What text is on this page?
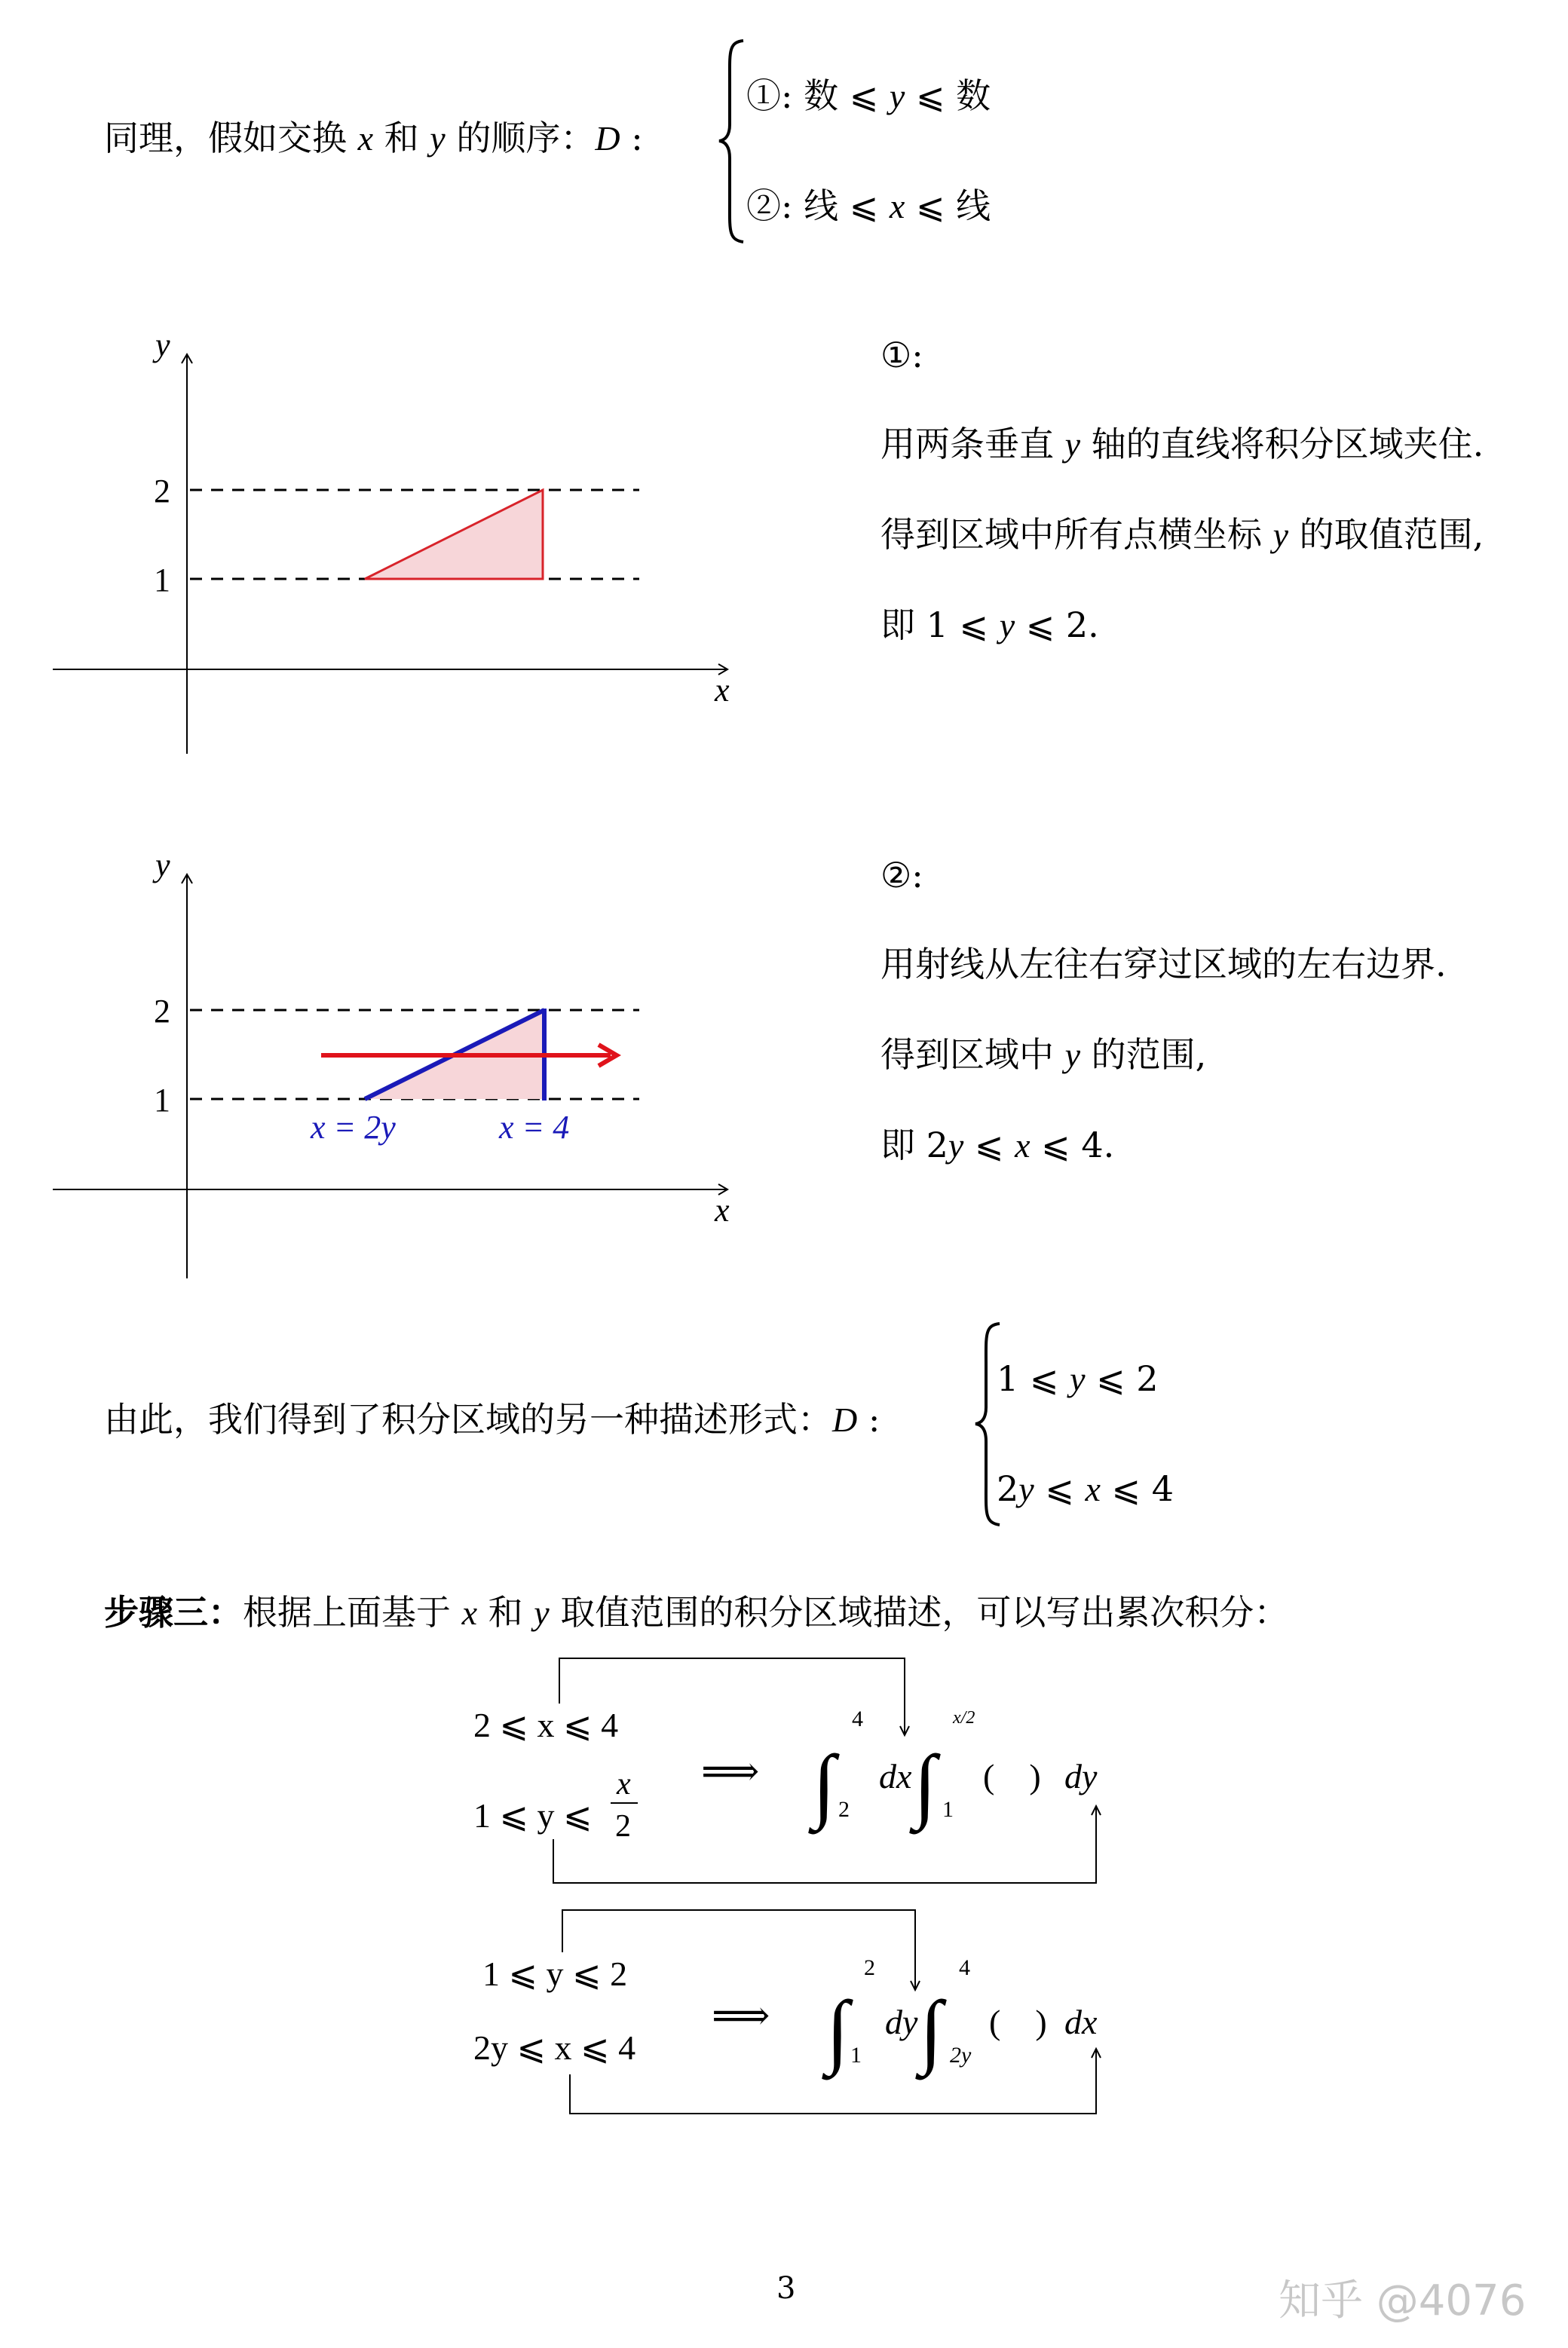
同理，假如交换 x 和 y 的顺序：D :
①: 数 ⩽ y ⩽ 数
②: 线 ⩽ x ⩽ 线
y
x
2
1
①:
用两条垂直 y 轴的直线将积分区域夹住.
得到区域中所有点横坐标 y 的取值范围,
即 1 ⩽ y ⩽ 2.
y
x
2
1
x = 2y	x = 4
②:
用射线从左往右穿过区域的左右边界.
得到区域中 y 的范围,
即 2y ⩽ x ⩽ 4.
由此，我们得到了积分区域的另一种描述形式：D :
1 ⩽ y ⩽ 2
2y ⩽ x ⩽ 4
步骤三：根据上面基于 x 和 y 取值范围的积分区域描述，可以写出累次积分：
2 ⩽ x ⩽ 4
1 ⩽ y ⩽
x
2
⟹ ∫
4
2
dx ∫
x/2
1
(    ) dy
1 ⩽ y ⩽ 2
2y ⩽ x ⩽ 4
⟹ ∫
2
1
dy ∫
4
2y
(    ) dx
3	知乎 @4076
